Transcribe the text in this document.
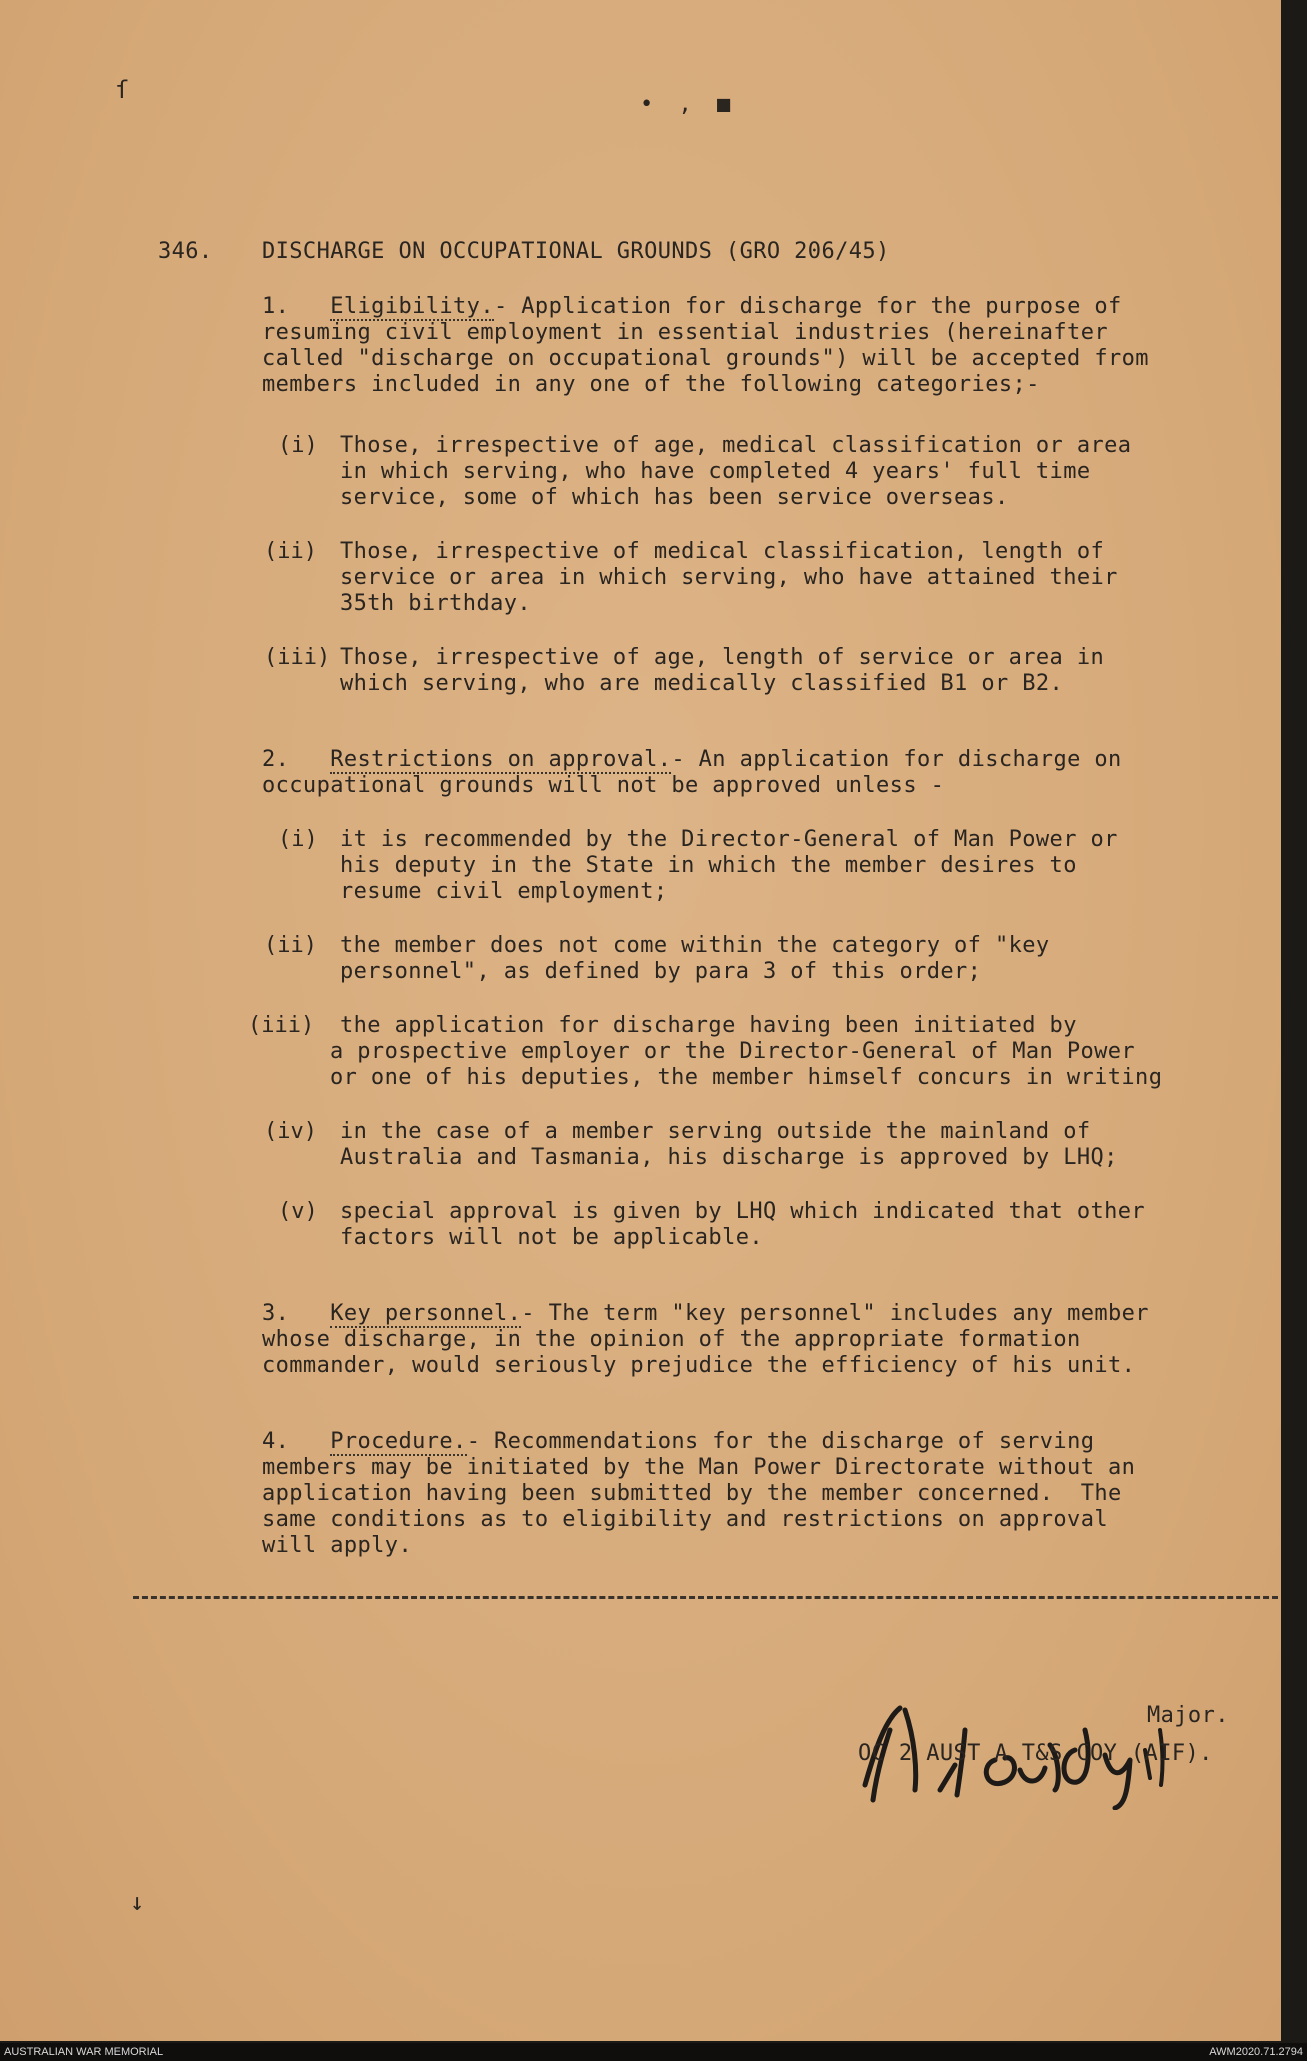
• , ■
ſ
↓
346. DISCHARGE ON OCCUPATIONAL GROUNDS (GRO 206/45)
1. Eligibility.- Application for discharge for the purpose of
resuming civil employment in essential industries (hereinafter
called "discharge on occupational grounds") will be accepted from
members included in any one of the following categories;-
(i) Those, irrespective of age, medical classification or area
in which serving, who have completed 4 years' full time
service, some of which has been service overseas.
(ii) Those, irrespective of medical classification, length of
service or area in which serving, who have attained their
35th birthday.
(iii) Those, irrespective of age, length of service or area in
which serving, who are medically classified B1 or B2.
2. Restrictions on approval.- An application for discharge on
occupational grounds will not be approved unless -
(i) it is recommended by the Director-General of Man Power or
his deputy in the State in which the member desires to
resume civil employment;
(ii) the member does not come within the category of "key
personnel", as defined by para 3 of this order;
(iii) the application for discharge having been initiated by
a prospective employer or the Director-General of Man Power
or one of his deputies, the member himself concurs in writing
(iv) in the case of a member serving outside the mainland of
Australia and Tasmania, his discharge is approved by LHQ;
(v) special approval is given by LHQ which indicated that other
factors will not be applicable.
3. Key personnel.- The term "key personnel" includes any member
whose discharge, in the opinion of the appropriate formation
commander, would seriously prejudice the efficiency of his unit.
4. Procedure.- Recommendations for the discharge of serving
members may be initiated by the Man Power Directorate without an
application having been submitted by the member concerned.  The
same conditions as to eligibility and restrictions on approval
will apply.
Major.
OC 2 AUST A T&S COY (AIF).
AUSTRALIAN WAR MEMORIAL	AWM2020.71.2794
